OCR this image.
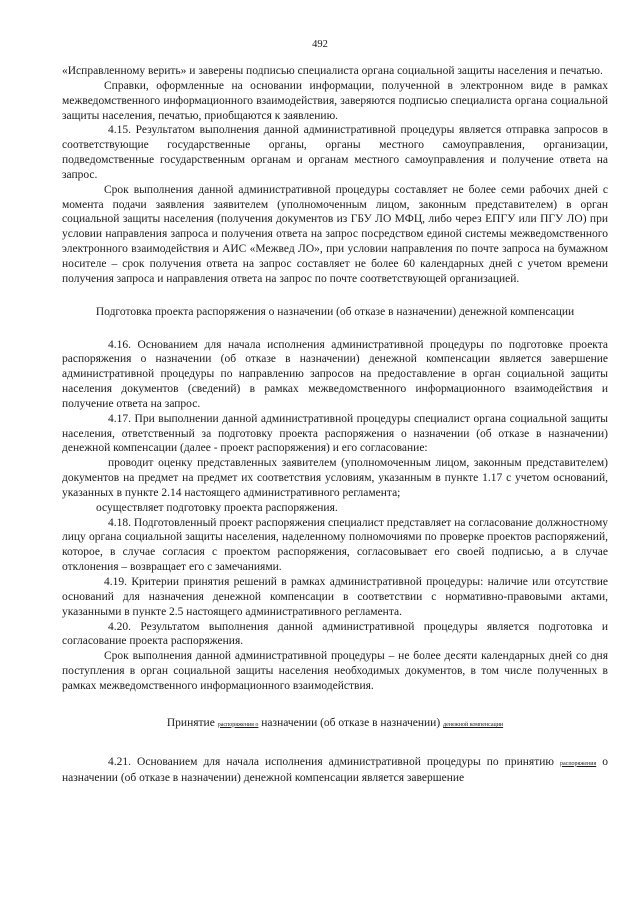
492

«Исправленному верить» и заверены подписью специалиста органа социальной защиты населения и печатью.

Справки, оформленные на основании информации, полученной в электронном виде в рамках межведомственного информационного взаимодействия, заверяются подписью специалиста органа социальной защиты населения, печатью, приобщаются к заявлению.

4.15. Результатом выполнения данной административной процедуры является отправка запросов в соответствующие государственные органы, органы местного самоуправления, организации, подведомственные государственным органам и органам местного самоуправления и получение ответа на запрос.

Срок выполнения данной административной процедуры составляет не более семи рабочих дней с момента подачи заявления заявителем (уполномоченным лицом, законным представителем) в орган социальной защиты населения (получения документов из ГБУ ЛО МФЦ, либо через ЕПГУ или ПГУ ЛО) при условии направления запроса и получения ответа на запрос посредством единой системы межведомственного электронного взаимодействия и АИС «Межвед ЛО», при условии направления по почте запроса на бумажном носителе – срок получения ответа на запрос составляет не более 60 календарных дней с учетом времени получения запроса и направления ответа на запрос по почте соответствующей организацией.

Подготовка проекта распоряжения о назначении (об отказе в назначении) денежной компенсации

4.16. Основанием для начала исполнения административной процедуры по подготовке проекта распоряжения о назначении (об отказе в назначении) денежной компенсации является завершение административной процедуры по направлению запросов на предоставление в орган социальной защиты населения документов (сведений) в рамках межведомственного информационного взаимодействия и получение ответа на запрос.

4.17. При выполнении данной административной процедуры специалист органа социальной защиты населения, ответственный за подготовку проекта распоряжения о назначении (об отказе в назначении) денежной компенсации (далее - проект распоряжения) и его согласование:

проводит оценку представленных заявителем (уполномоченным лицом, законным представителем) документов на предмет на предмет их соответствия условиям, указанным в пункте 1.17 с учетом оснований, указанных в пункте 2.14 настоящего административного регламента;

осуществляет подготовку проекта распоряжения.

4.18. Подготовленный проект распоряжения специалист представляет на согласование должностному лицу органа социальной защиты населения, наделенному полномочиями по проверке проектов распоряжений, которое, в случае согласия с проектом распоряжения, согласовывает его своей подписью, а в случае отклонения – возвращает его с замечаниями.

4.19. Критерии принятия решений в рамках административной процедуры: наличие или отсутствие оснований для назначения денежной компенсации в соответствии с нормативно-правовыми актами, указанными в пункте 2.5 настоящего административного регламента.

4.20. Результатом выполнения данной административной процедуры является подготовка и согласование проекта распоряжения.

Срок выполнения данной административной процедуры – не более десяти календарных дней со дня поступления в орган социальной защиты населения необходимых документов, в том числе полученных в рамках межведомственного информационного взаимодействия.

Принятие распоряжения о назначении (об отказе в назначении) денежной компенсации

4.21. Основанием для начала исполнения административной процедуры по принятию распоряжения о назначении (об отказе в назначении) денежной компенсации является завершение
